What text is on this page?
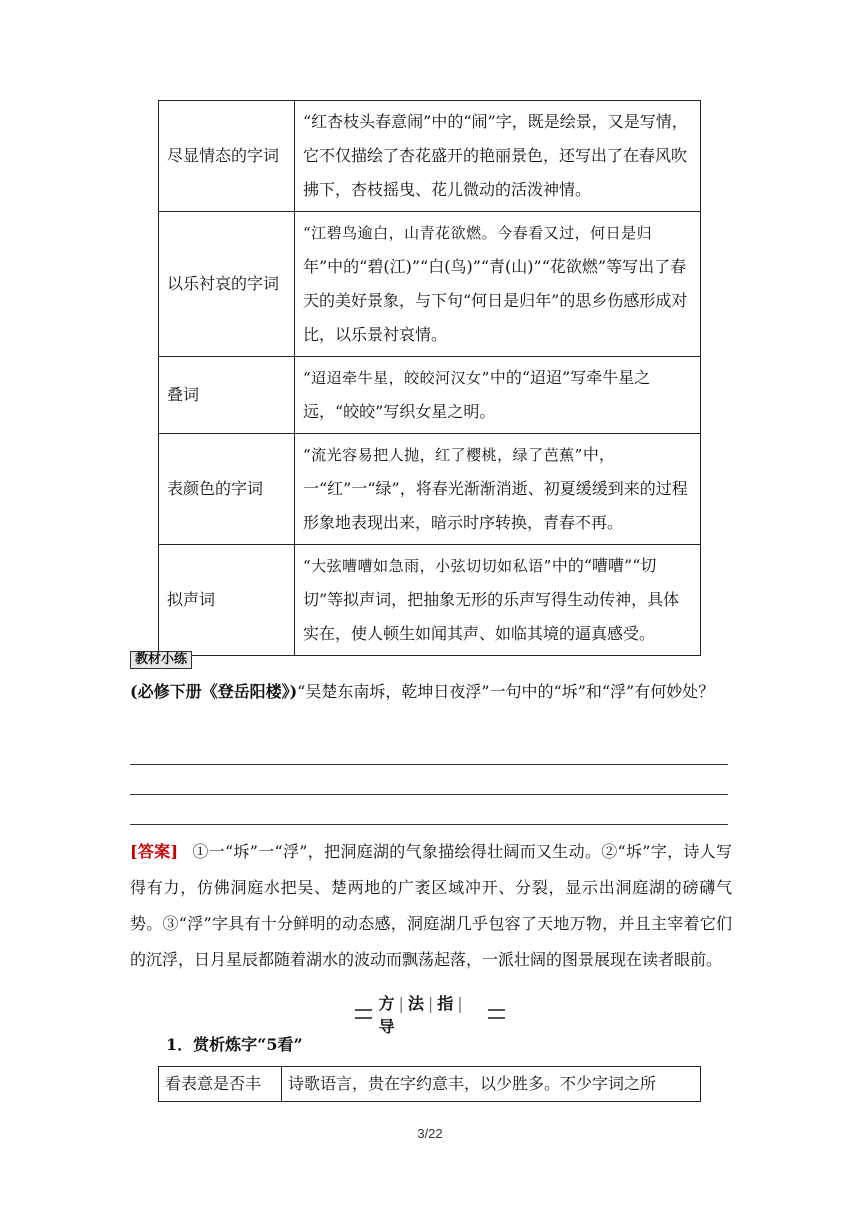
尽显情态的字词	“红杏枝头春意闹”中的“闹”字，既是绘景，又是写情，它不仅描绘了杏花盛开的艳丽景色，还写出了在春风吹拂下，杏枝摇曳、花儿微动的活泼神情。

以乐衬哀的字词	“江碧鸟逾白，山青花欲燃。今春看又过，何日是归年”中的“碧(江)”“白(鸟)”“青(山)”“花欲燃”等写出了春天的美好景象，与下句“何日是归年”的思乡伤感形成对比，以乐景衬哀情。
叠词	“迢迢牵牛星，皎皎河汉女”中的“迢迢”写牵牛星之远，“皎皎”写织女星之明。
表颜色的字词	“流光容易把人抛，红了樱桃，绿了芭蕉”中，一“红”一“绿”，将春光渐渐消逝、初夏缓缓到来的过程形象地表现出来，暗示时序转换，青春不再。
拟声词	“大弦嘈嘈如急雨，小弦切切如私语”中的“嘈嘈”“切切”等拟声词，把抽象无形的乐声写得生动传神，具体实在，使人顿生如闻其声、如临其境的逼真感受。
教材小练
(必修下册《登岳阳楼》)“吴楚东南坼，乾坤日夜浮”一句中的“坼”和“浮”有何妙处？
[答案] ①一“坼”一“浮”，把洞庭湖的气象描绘得壮阔而又生动。②“坼”字，诗人写得有力，仿佛洞庭水把吴、楚两地的广袤区域冲开、分裂，显示出洞庭湖的磅礴气势。③“浮”字具有十分鲜明的动态感，洞庭湖几乎包容了天地万物，并且主宰着它们的沉浮，日月星辰都随着湖水的波动而飘荡起落，一派壮阔的图景展现在读者眼前。
方 | 法 | 指 |导
1．赏析炼字“5看”
看表意是否丰	诗歌语言，贵在字约意丰，以少胜多。不少字词之所
3/22
